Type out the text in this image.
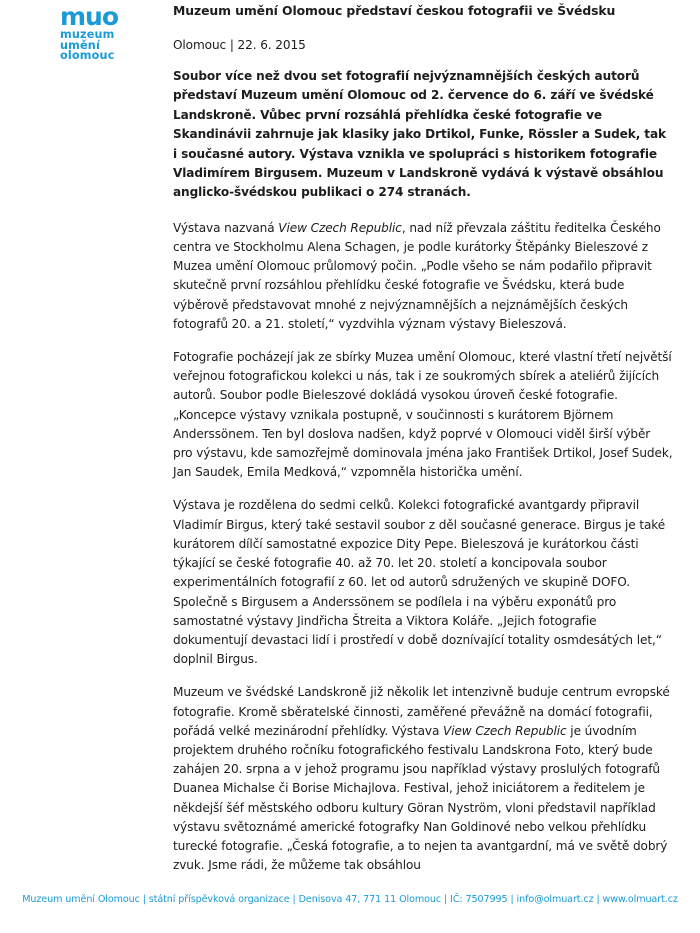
muo
muzeum
umění
olomouc
Muzeum umění Olomouc představí českou fotografii ve Švédsku
Olomouc | 22. 6. 2015
Soubor více než dvou set fotografií nejvýznamnějších českých autorů představí Muzeum umění Olomouc od 2. července do 6. září ve švédské Landskroně. Vůbec první rozsáhlá přehlídka české fotografie ve Skandinávii zahrnuje jak klasiky jako Drtikol, Funke, Rössler a Sudek, tak i současné autory. Výstava vznikla ve spolupráci s historikem fotografie Vladimírem Birgusem. Muzeum v Landskroně vydává k výstavě obsáhlou anglicko-švédskou publikaci o 274 stranách.

Výstava nazvaná View Czech Republic, nad níž převzala záštitu ředitelka Českého centra ve Stockholmu Alena Schagen, je podle kurátorky Štěpánky Bieleszové z Muzea umění Olomouc průlomový počin. „Podle všeho se nám podařilo připravit skutečně první rozsáhlou přehlídku české fotografie ve Švédsku, která bude výběrově představovat mnohé z nejvýznamnějších a nejznámějších českých fotografů 20. a 21. století,“ vyzdvihla význam výstavy Bieleszová.

Fotografie pocházejí jak ze sbírky Muzea umění Olomouc, které vlastní třetí největší veřejnou fotografickou kolekci u nás, tak i ze soukromých sbírek a ateliérů žijících autorů. Soubor podle Bieleszové dokládá vysokou úroveň české fotografie. „Koncepce výstavy vznikala postupně, v součinnosti s kurátorem Björnem Anderssönem. Ten byl doslova nadšen, když poprvé v Olomouci viděl širší výběr pro výstavu, kde samozřejmě dominovala jména jako František Drtikol, Josef Sudek, Jan Saudek, Emila Medková,“ vzpomněla historička umění.

Výstava je rozdělena do sedmi celků. Kolekci fotografické avantgardy připravil Vladimír Birgus, který také sestavil soubor z děl současné generace. Birgus je také kurátorem dílčí samostatné expozice Dity Pepe. Bieleszová je kurátorkou části týkající se české fotografie 40. až 70. let 20. století a koncipovala soubor experimentálních fotografií z 60. let od autorů sdružených ve skupině DOFO. Společně s Birgusem a Anderssönem se podílela i na výběru exponátů pro samostatné výstavy Jindřicha Štreita a Viktora Koláře. „Jejich fotografie dokumentují devastaci lidí i prostředí v době doznívající totality osmdesátých let,“ doplnil Birgus.

Muzeum ve švédské Landskroně již několik let intenzivně buduje centrum evropské fotografie. Kromě sběratelské činnosti, zaměřené převážně na domácí fotografii, pořádá velké mezinárodní přehlídky. Výstava View Czech Republic je úvodním projektem druhého ročníku fotografického festivalu Landskrona Foto, který bude zahájen 20. srpna a v jehož programu jsou například výstavy proslulých fotografů Duanea Michalse či Borise Michajlova. Festival, jehož iniciátorem a ředitelem je někdejší šéf městského odboru kultury Göran Nyström, vloni představil například výstavu světoznámé americké fotografky Nan Goldinové nebo velkou přehlídku turecké fotografie. „Česká fotografie, a to nejen ta avantgardní, má ve světě dobrý zvuk. Jsme rádi, že můžeme tak obsáhlou

Muzeum umění Olomouc | státní příspěvková organizace | Denisova 47, 771 11 Olomouc | IČ: 7507995 | info@olmuart.cz | www.olmuart.cz
